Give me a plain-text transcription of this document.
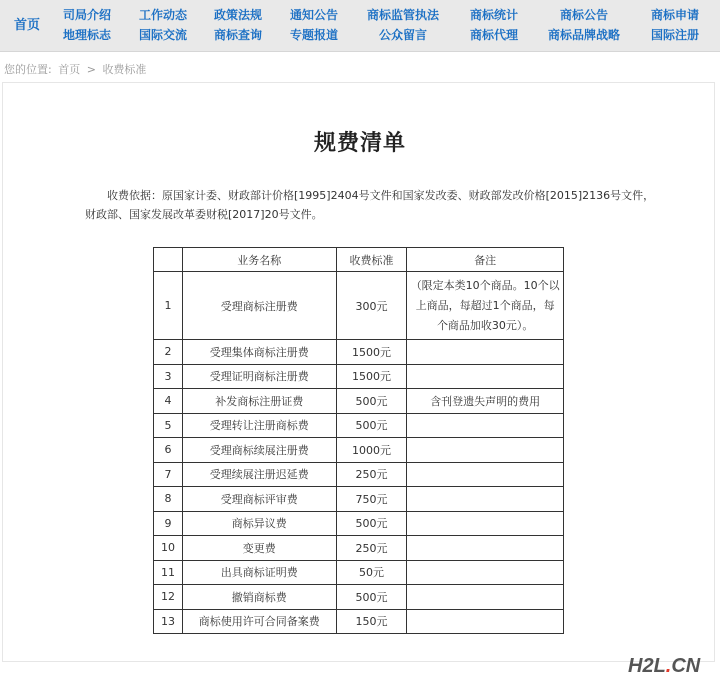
首页
司局介绍
地理标志
工作动态
国际交流
政策法规
商标查询
通知公告
专题报道
商标监管执法
公众留言
商标统计
商标代理
商标公告
商标品牌战略
商标申请
国际注册
您的位置: 首页 > 收费标准
规费清单

收费依据：原国家计委、财政部计价格[1995]2404号文件和国家发改委、财政部发改价格[2015]2136号文件，财政部、国家发展改革委财税[2017]20号文件。

	业务名称	收费标准	备注
1	受理商标注册费	300元	（限定本类10个商品。10个以上商品，每超过1个商品，每个商品加收30元）。
2	受理集体商标注册费	1500元	
3	受理证明商标注册费	1500元	
4	补发商标注册证费	500元	含刊登遗失声明的费用
5	受理转让注册商标费	500元	
6	受理商标续展注册费	1000元	
7	受理续展注册迟延费	250元	
8	受理商标评审费	750元	
9	商标异议费	500元	
10	变更费	250元	
11	出具商标证明费	50元	
12	撤销商标费	500元	
13	商标使用许可合同备案费	150元	
H2L.CN
